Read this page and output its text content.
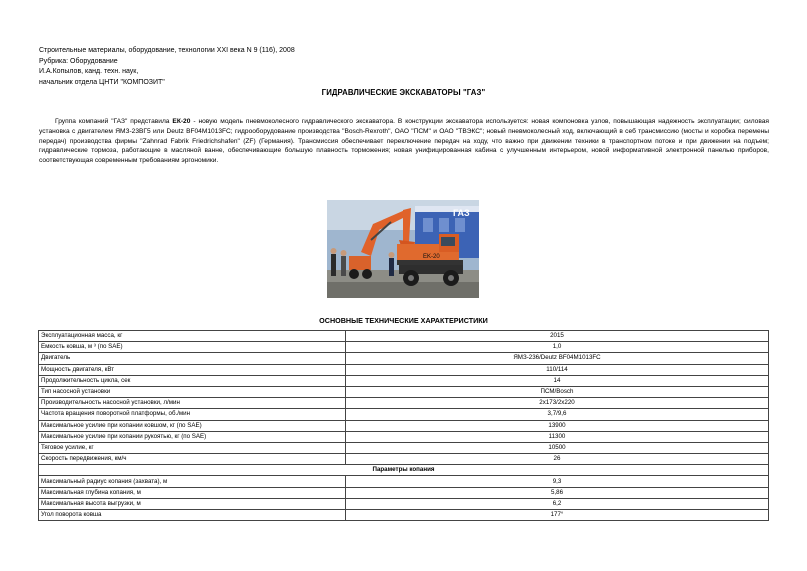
Строительные материалы, оборудование, технологии XXI века N 9 (116), 2008
Рубрика: Оборудование
И.А.Копылов, канд. техн. наук,
начальник отдела ЦНТИ "КОМПОЗИТ"
ГИДРАВЛИЧЕСКИЕ ЭКСКАВАТОРЫ "ГАЗ"
Группа компаний "ГАЗ" представила ЕК-20 - новую модель пневмоколесного гидравлического экскаватора. В конструкции экскаватора используется: новая компоновка узлов, повышающая надежность эксплуатации; силовая установка с двигателем ЯМЗ-23ВГ5 или Deutz BF04M1013FC; гидрооборудование производства "Bosch-Rexroth", ОАО "ПСМ" и ОАО "ТВЭКС"; новый пневмоколесный ход, включающий в себ трансмиссию (мосты и коробка перемены передач) производства фирмы "Zahnrad Fabrik Friedrichshafen" (ZF) (Германия). Трансмиссия обеспечивает переключение передач на ходу, что важно при движении техники в транспортном потоке и при движении на подъем; гидравлические тормоза, работающие в масляной ванне, обеспечивающие большую плавность торможения; новая унифицированная кабина с улучшенным интерьером, новой информативной электронной панелью приборов, соответствующая современным требованиям эргономики.
ГАЗ
EK-20
ОСНОВНЫЕ ТЕХНИЧЕСКИЕ ХАРАКТЕРИСТИКИ
Эксплуатационная масса, кг	2015
Емкость ковша, м ³ (по SAE)	1,0
Двигатель	ЯМЗ-236/Deutz BF04M1013FC
Мощность двигателя, кВт	110/114
Продолжительность цикла, сек	14
Тип насосной установки	ПСМ/Bosch
Производительность насосной установки, л/мин	2х173/2х220
Частота вращения поворотной платформы, об./мин	3,7/9,6
Максимальное усилие при копании ковшом, кг (по SAE)	13900
Максимальное усилие при копании рукоятью, кг (по SAE)	11300
Тяговое усилие, кг	10500
Скорость передвижения, км/ч	26
Параметры копания	
Максимальный радиус копания (захвата), м	9,3
Максимальная глубина копания, м	5,86
Максимальная высота выгрузки, м	6,2
Угол поворота ковша	177°
